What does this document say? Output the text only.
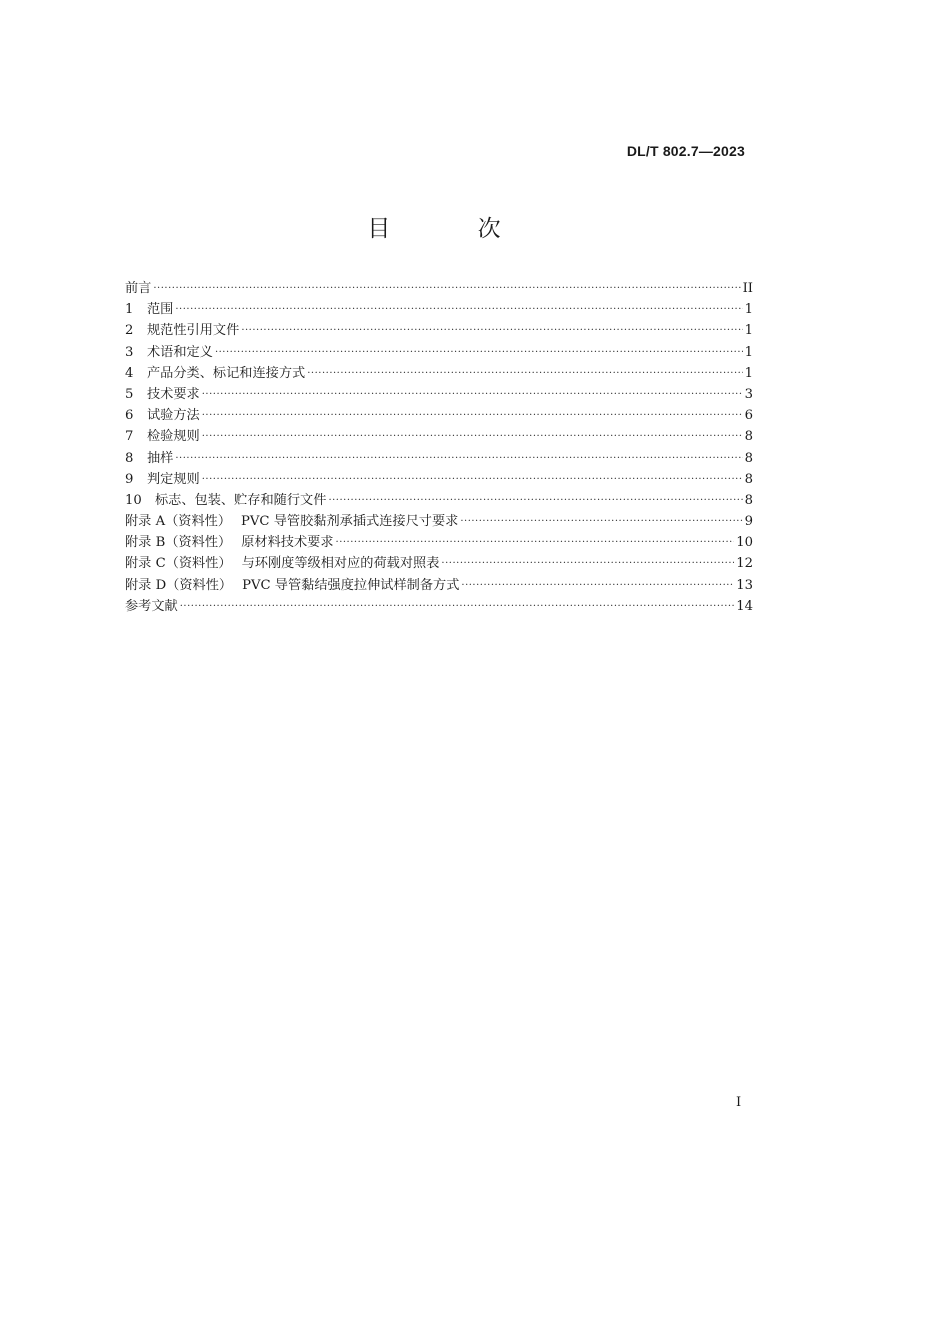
DL/T 802.7—2023
目 次
前言 ·····	II
1	范围 ·····	1
2	规范性引用文件 ·····	1
3	术语和定义 ·····	1
4	产品分类、标记和连接方式 ·····	1
5	技术要求 ·····	3
6	试验方法 ·····	6
7	检验规则 ·····	8
8	抽样 ·····	8
9	判定规则 ·····	8
10	标志、包装、贮存和随行文件 ·····	8
附录 A（资料性） PVC 导管胶黏剂承插式连接尺寸要求 ·····	9
附录 B（资料性） 原材料技术要求 ·····	10
附录 C（资料性） 与环刚度等级相对应的荷载对照表 ·····	12
附录 D（资料性） PVC 导管黏结强度拉伸试样制备方式 ·····	13
参考文献 ·····	14
I
